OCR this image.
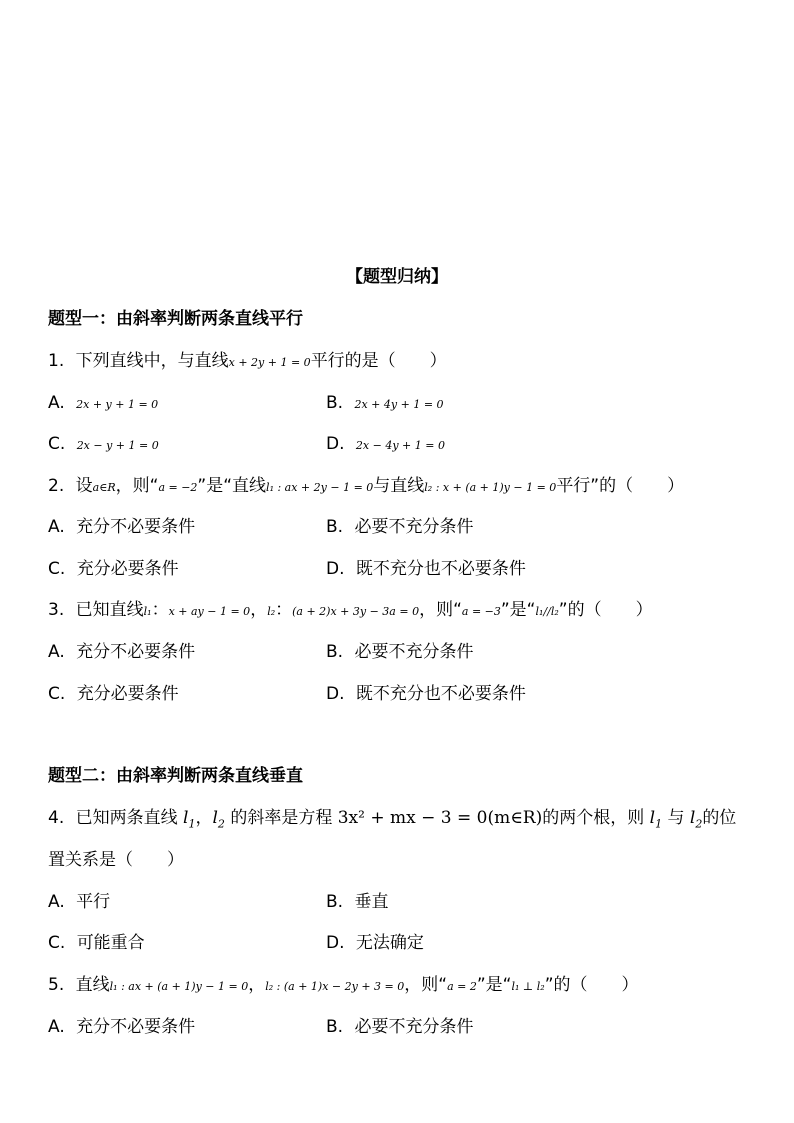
【题型归纳】
题型一：由斜率判断两条直线平行
1. 下列直线中，与直线x + 2y + 1 = 0平行的是（　　）
A. 2x + y + 1 = 0	B. 2x + 4y + 1 = 0
C. 2x − y + 1 = 0	D. 2x − 4y + 1 = 0
2. 设a∈R，则“a = −2”是“直线l₁ : ax + 2y − 1 = 0与直线l₂ : x + (a + 1)y − 1 = 0平行”的（　　）
A. 充分不必要条件	B. 必要不充分条件
C. 充分必要条件	D. 既不充分也不必要条件
3. 已知直线l₁：x + ay − 1 = 0，l₂：(a + 2)x + 3y − 3a = 0，则“a = −3”是“l₁//l₂”的（　　）
A. 充分不必要条件	B. 必要不充分条件
C. 充分必要条件	D. 既不充分也不必要条件
题型二：由斜率判断两条直线垂直
4. 已知两条直线 $l_1$，$l_2$ 的斜率是方程 3x² + mx − 3 = 0(m∈R)的两个根，则 $l_1$ 与 $l_2$的位
置关系是（　　）
A. 平行	B. 垂直
C. 可能重合	D. 无法确定
5. 直线l₁ : ax + (a + 1)y − 1 = 0，l₂ : (a + 1)x − 2y + 3 = 0，则“a = 2”是“l₁ ⊥ l₂”的（　　）
A. 充分不必要条件	B. 必要不充分条件
